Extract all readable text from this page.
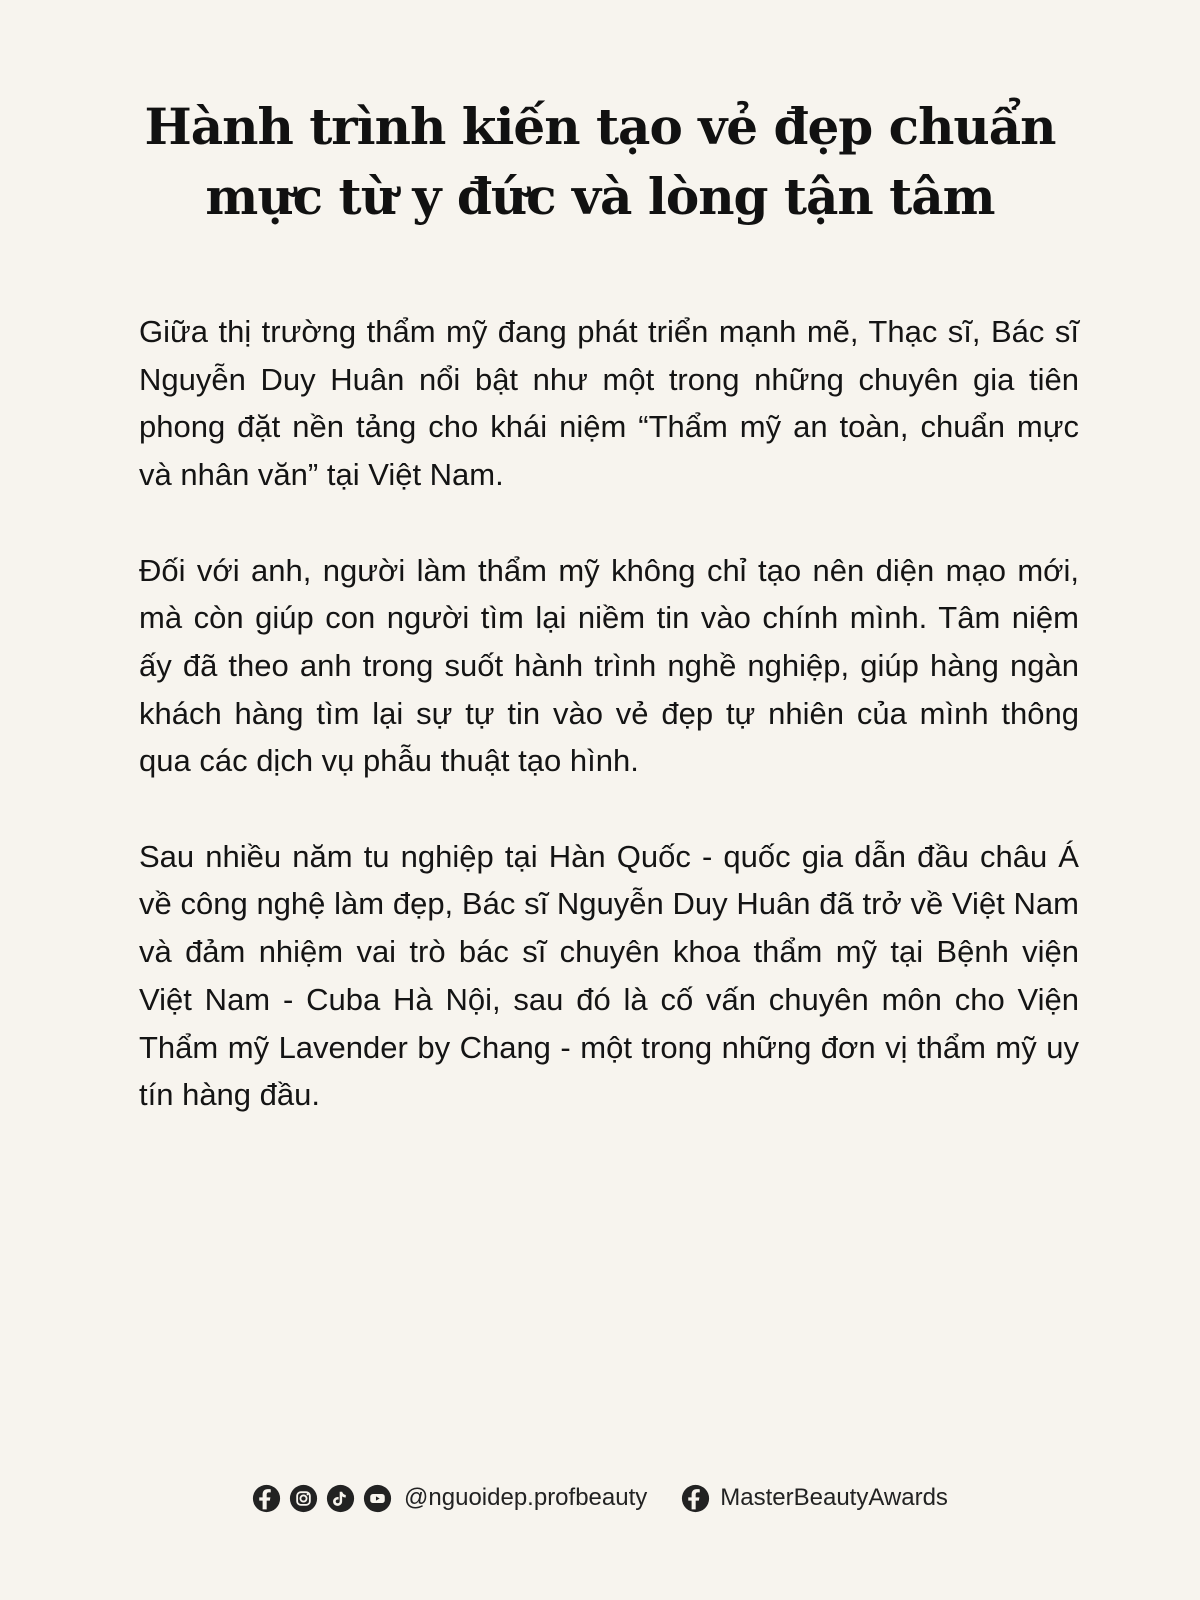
Hành trình kiến tạo vẻ đẹp chuẩn
mực từ y đức và lòng tận tâm

Giữa thị trường thẩm mỹ đang phát triển mạnh mẽ, Thạc sĩ, Bác sĩ Nguyễn Duy Huân nổi bật như một trong những chuyên gia tiên phong đặt nền tảng cho khái niệm “Thẩm mỹ an toàn, chuẩn mực và nhân văn” tại Việt Nam.

Đối với anh, người làm thẩm mỹ không chỉ tạo nên diện mạo mới, mà còn giúp con người tìm lại niềm tin vào chính mình. Tâm niệm ấy đã theo anh trong suốt hành trình nghề nghiệp, giúp hàng ngàn khách hàng tìm lại sự tự tin vào vẻ đẹp tự nhiên của mình thông qua các dịch vụ phẫu thuật tạo hình.

Sau nhiều năm tu nghiệp tại Hàn Quốc - quốc gia dẫn đầu châu Á về công nghệ làm đẹp, Bác sĩ Nguyễn Duy Huân đã trở về Việt Nam và đảm nhiệm vai trò bác sĩ chuyên khoa thẩm mỹ tại Bệnh viện Việt Nam - Cuba Hà Nội, sau đó là cố vấn chuyên môn cho Viện Thẩm mỹ Lavender by Chang - một trong những đơn vị thẩm mỹ uy tín hàng đầu.

@nguoidep.profbeauty	MasterBeautyAwards
